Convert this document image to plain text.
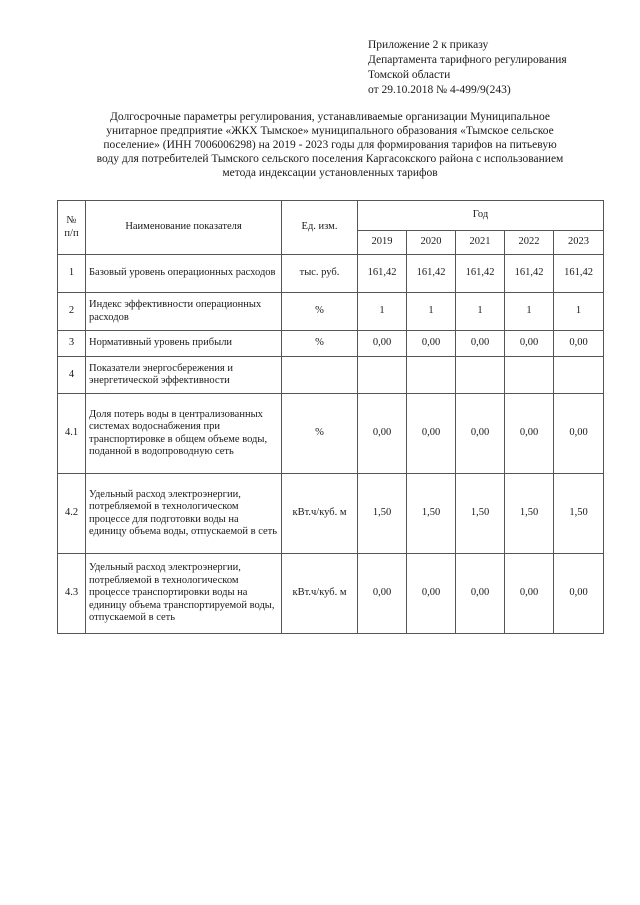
Приложение 2 к приказу
Департамента тарифного регулирования
Томской области
от 29.10.2018 № 4-499/9(243)
Долгосрочные параметры регулирования, устанавливаемые организации Муниципальное
унитарное предприятие «ЖКХ Тымское» муниципального образования «Тымское сельское
поселение» (ИНН 7006006298) на 2019 - 2023 годы для формирования тарифов на питьевую
воду для потребителей Тымского сельского поселения Каргасокского района с использованием
метода индексации установленных тарифов
№ п/п	Наименование показателя	Ед. изм.	Год				
			2019	2020	2021	2022	2023
1	Базовый уровень операционных расходов	тыс. руб.	161,42	161,42	161,42	161,42	161,42
2	Индекс эффективности операционных расходов	%	1	1	1	1	1
3	Нормативный уровень прибыли	%	0,00	0,00	0,00	0,00	0,00
4	Показатели энергосбережения и энергетической эффективности						
4.1	Доля потерь воды в централизованных системах водоснабжения при транспортировке в общем объеме воды, поданной в водопроводную сеть	%	0,00	0,00	0,00	0,00	0,00
4.2	Удельный расход электроэнергии, потребляемой в технологическом процессе для подготовки воды на единицу объема воды, отпускаемой в сеть	кВт.ч/куб. м	1,50	1,50	1,50	1,50	1,50
4.3	Удельный расход электроэнергии, потребляемой в технологическом процессе транспортировки воды на единицу объема транспортируемой воды, отпускаемой в сеть	кВт.ч/куб. м	0,00	0,00	0,00	0,00	0,00
